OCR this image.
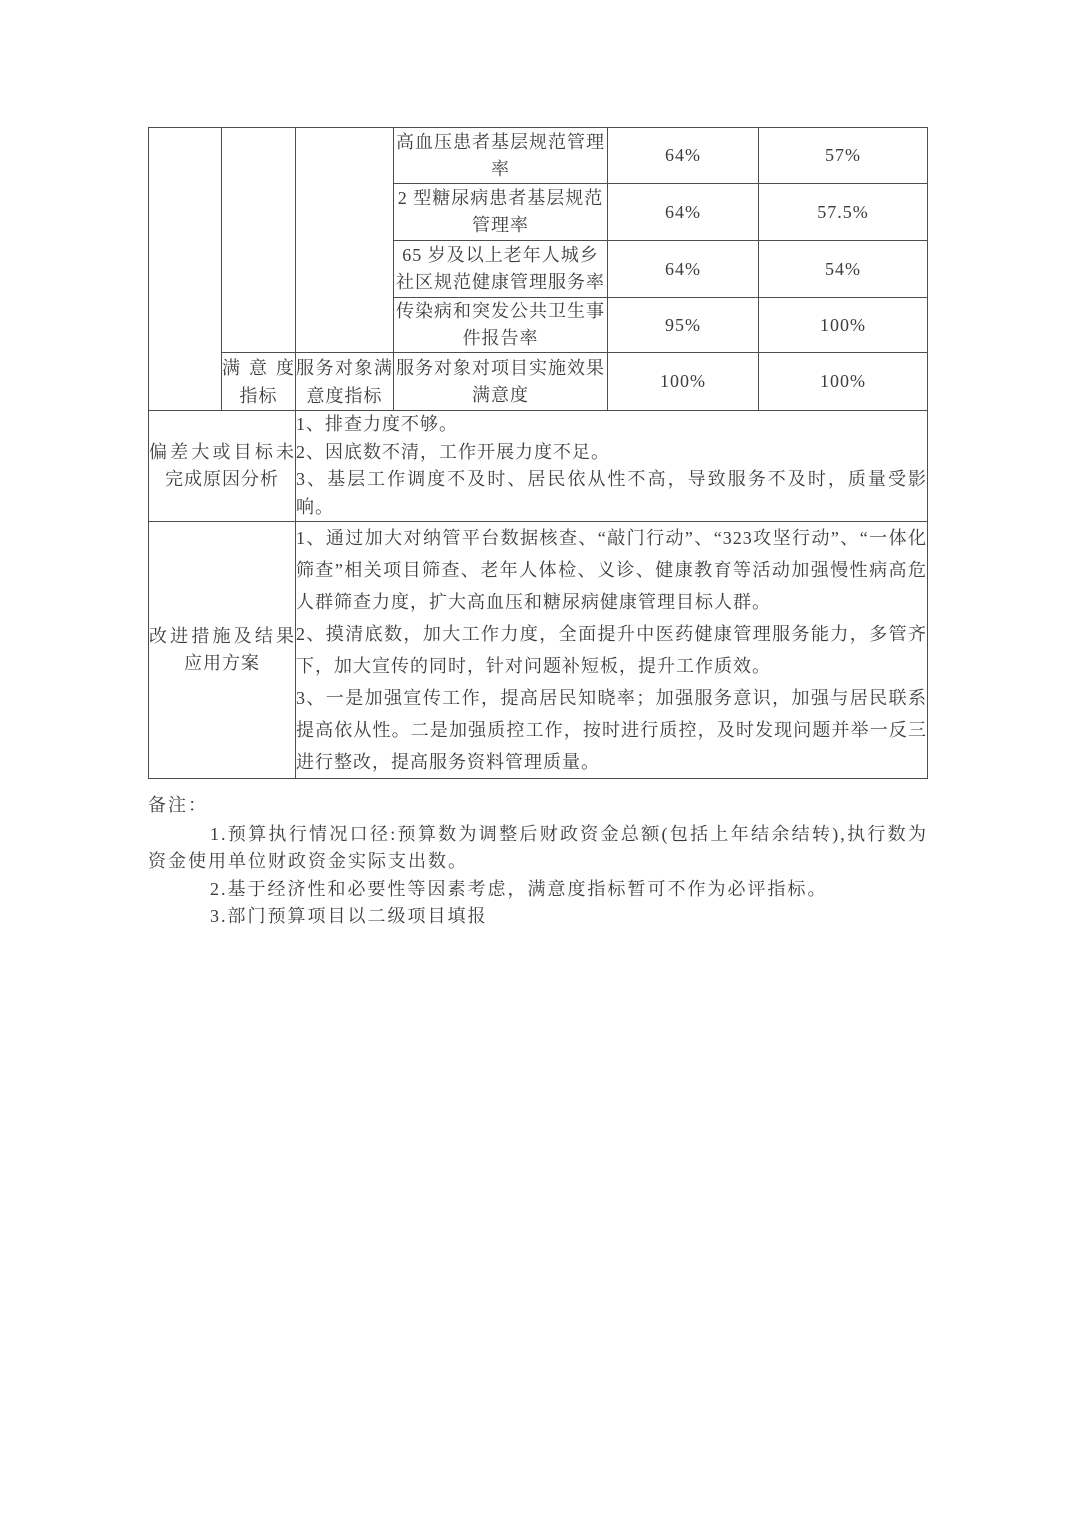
			高血压患者基层规范管理率	64%	57%
			2 型糖尿病患者基层规范管理率	64%	57.5%
			65 岁及以上老年人城乡社区规范健康管理服务率	64%	54%
			传染病和突发公共卫生事件报告率	95%	100%
	满意度指标	服务对象满意度指标	服务对象对项目实施效果满意度	100%	100%
偏差大或目标未完成原因分析		1、排查力度不够。
2、因底数不清，工作开展力度不足。
3、基层工作调度不及时、居民依从性不高，导致服务不及时，质量受影响。			

改进措施及结果应用方案		1、通过加大对纳管平台数据核查、“敲门行动”、“323攻坚行动”、“一体化筛查”相关项目筛查、老年人体检、义诊、健康教育等活动加强慢性病高危人群筛查力度，扩大高血压和糖尿病健康管理目标人群。
2、摸清底数，加大工作力度，全面提升中医药健康管理服务能力，多管齐下，加大宣传的同时，针对问题补短板，提升工作质效。
3、一是加强宣传工作，提高居民知晓率；加强服务意识，加强与居民联系提高依从性。二是加强质控工作，按时进行质控，及时发现问题并举一反三进行整改，提高服务资料管理质量。			

备注：

1.预算执行情况口径:预算数为调整后财政资金总额(包括上年结余结转),执行数为资金使用单位财政资金实际支出数。

2.基于经济性和必要性等因素考虑，满意度指标暂可不作为必评指标。

3.部门预算项目以二级项目填报
